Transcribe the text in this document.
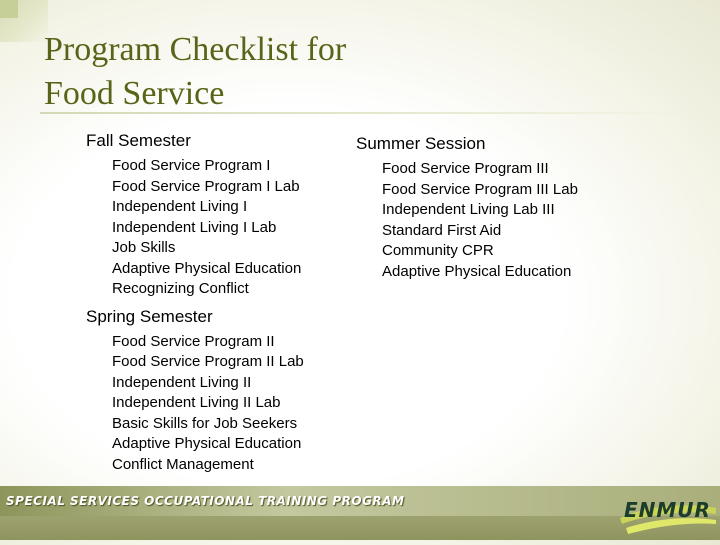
Program Checklist for
Food Service

Fall Semester

Food Service Program I
Food Service Program I Lab
Independent Living I
Independent Living I Lab
Job Skills
Adaptive Physical Education
Recognizing Conflict

Spring Semester

Food Service Program II
Food Service Program II Lab
Independent Living II
Independent Living II Lab
Basic Skills for Job Seekers
Adaptive Physical Education
Conflict Management

Summer Session

Food Service Program III
Food Service Program III Lab
Independent Living Lab III
Standard First Aid
Community CPR
Adaptive Physical Education
SPECIAL SERVICES OCCUPATIONAL TRAINING PROGRAM	ENMUR
